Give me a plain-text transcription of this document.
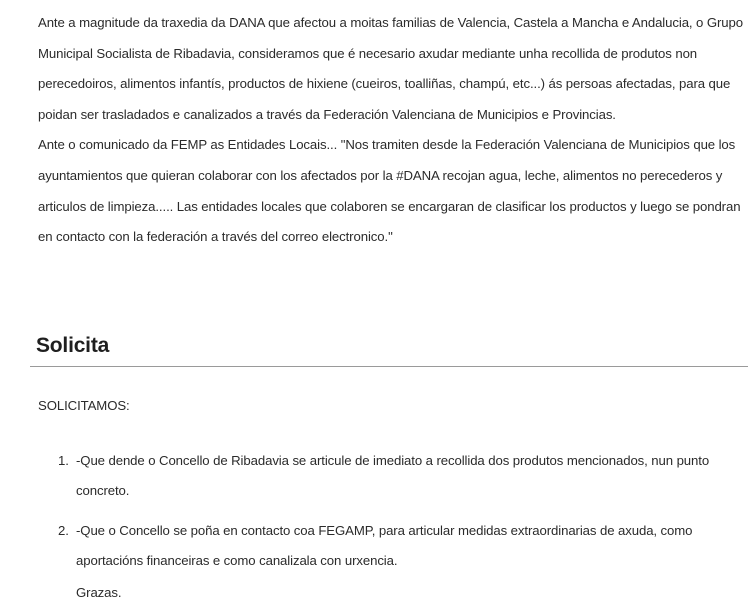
Ante a magnitude da traxedia da DANA que afectou a moitas familias de Valencia, Castela a Mancha e Andalucia, o Grupo Municipal Socialista de Ribadavia, consideramos que é necesario axudar mediante unha recollida de produtos non perecedoiros, alimentos infantís, productos de hixiene (cueiros, toalliñas, champú, etc...) ás persoas afectadas, para que poidan ser trasladados e canalizados a través da Federación Valenciana de Municipios e Provincias.

Ante o comunicado da FEMP as Entidades Locais... "Nos tramiten desde la Federación Valenciana de Municipios que los ayuntamientos que quieran colaborar con los afectados por la #DANA recojan agua, leche, alimentos no perecederos y articulos de limpieza..... Las entidades locales que colaboren se encargaran de clasificar los productos y luego se pondran en contacto con la federación a través del correo electronico."

Solicita

SOLICITAMOS:

1. -Que dende o Concello de Ribadavia se articule de imediato a recollida dos produtos mencionados, nun punto concreto.
2. -Que o Concello se poña en contacto coa FEGAMP, para articular medidas extraordinarias de axuda, como aportacións financeiras e como canalizala con urxencia.

Grazas.
